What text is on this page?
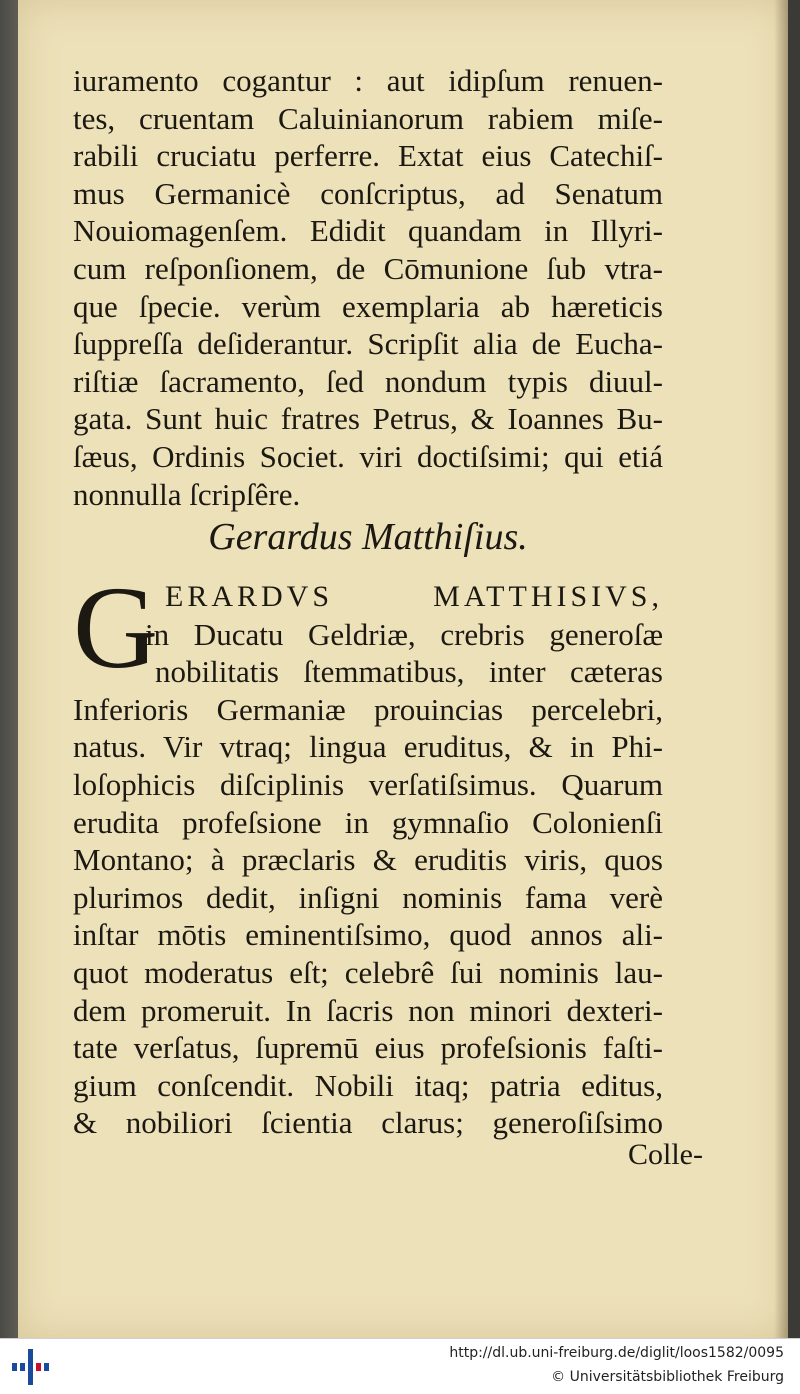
iuramento cogantur : aut idipſum renuen-
tes, cruentam Caluinianorum rabiem miſe-
rabili cruciatu perferre. Extat eius Catechiſ-
mus Germanicè conſcriptus, ad Senatum
Nouiomagenſem. Edidit quandam in Illyri-
cum reſponſionem, de Cōmunione ſub vtra-
que ſpecie. verùm exemplaria ab hæreticis
ſuppreſſa deſiderantur. Scripſit alia de Eucha-
riſtiæ ſacramento, ſed nondum typis diuul-
gata. Sunt huic fratres Petrus, & Ioannes Bu-
ſæus, Ordinis Societ. viri doctiſsimi; qui etiá
nonnulla ſcripſêre.
Gerardus Matthiſius.
G ERARDVS MATTHISIVS,
in Ducatu Geldriæ, crebris generoſæ
nobilitatis ſtemmatibus, inter cæteras
Inferioris Germaniæ prouincias percelebri,
natus. Vir vtraq; lingua eruditus, & in Phi-
loſophicis diſciplinis verſatiſsimus. Quarum
erudita profeſsione in gymnaſio Colonienſi
Montano; à præclaris & eruditis viris, quos
plurimos dedit, inſigni nominis fama verè
inſtar mōtis eminentiſsimo, quod annos ali-
quot moderatus eſt; celebrê ſui nominis lau-
dem promeruit. In ſacris non minori dexteri-
tate verſatus, ſupremū eius profeſsionis faſti-
gium conſcendit. Nobili itaq; patria editus,
& nobiliori ſcientia clarus; generoſiſsimo
Colle-
http://dl.ub.uni-freiburg.de/diglit/loos1582/0095
© Universitätsbibliothek Freiburg
